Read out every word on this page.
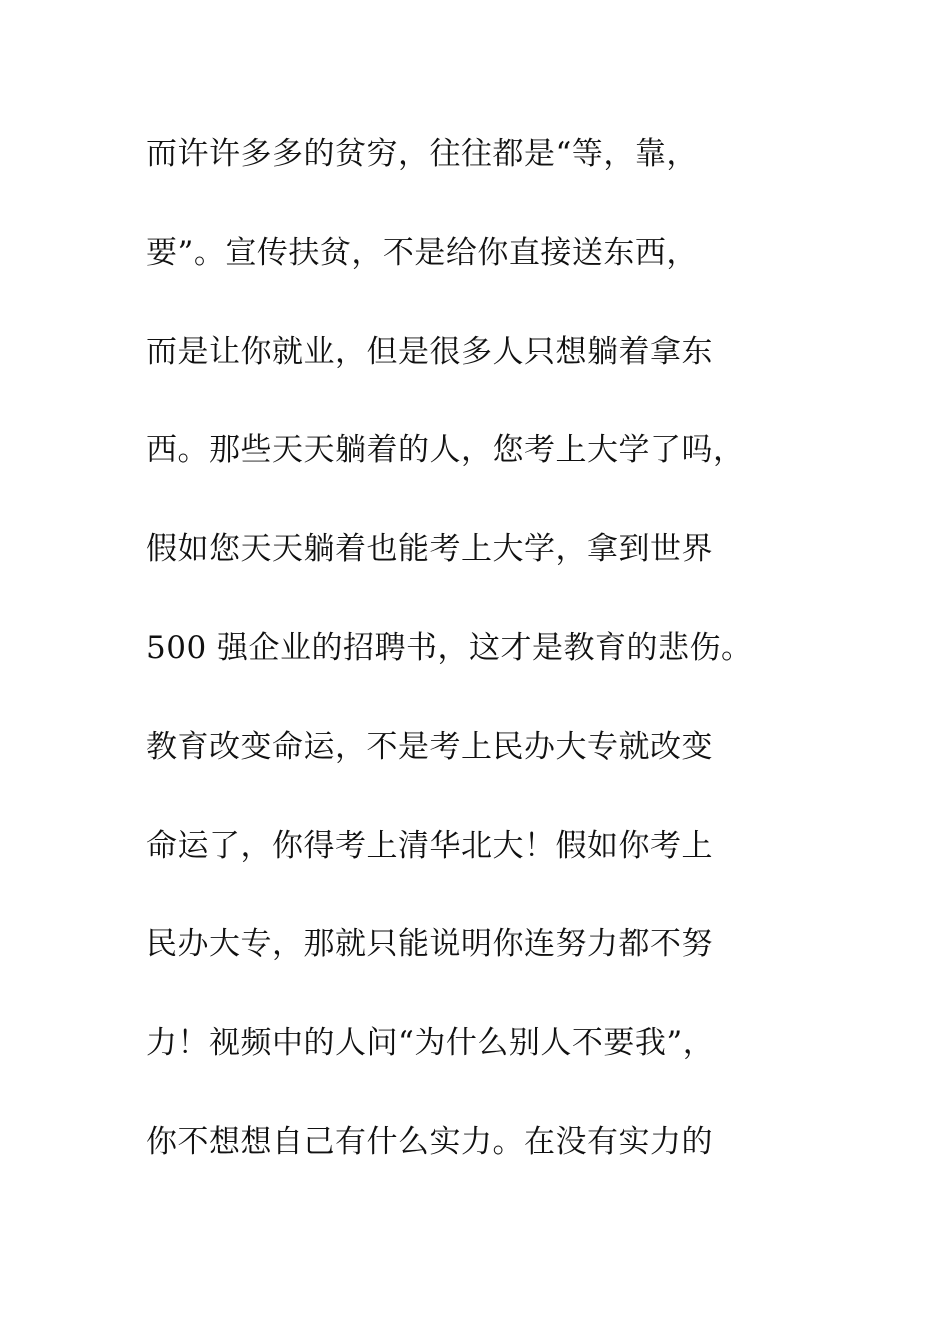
而许许多多的贫穷，往往都是“等，靠，
要”。宣传扶贫，不是给你直接送东西，
而是让你就业，但是很多人只想躺着拿东
西。那些天天躺着的人，您考上大学了吗，
假如您天天躺着也能考上大学，拿到世界
500 强企业的招聘书，这才是教育的悲伤。
教育改变命运，不是考上民办大专就改变
命运了，你得考上清华北大！假如你考上
民办大专，那就只能说明你连努力都不努
力！视频中的人问“为什么别人不要我”，
你不想想自己有什么实力。在没有实力的
